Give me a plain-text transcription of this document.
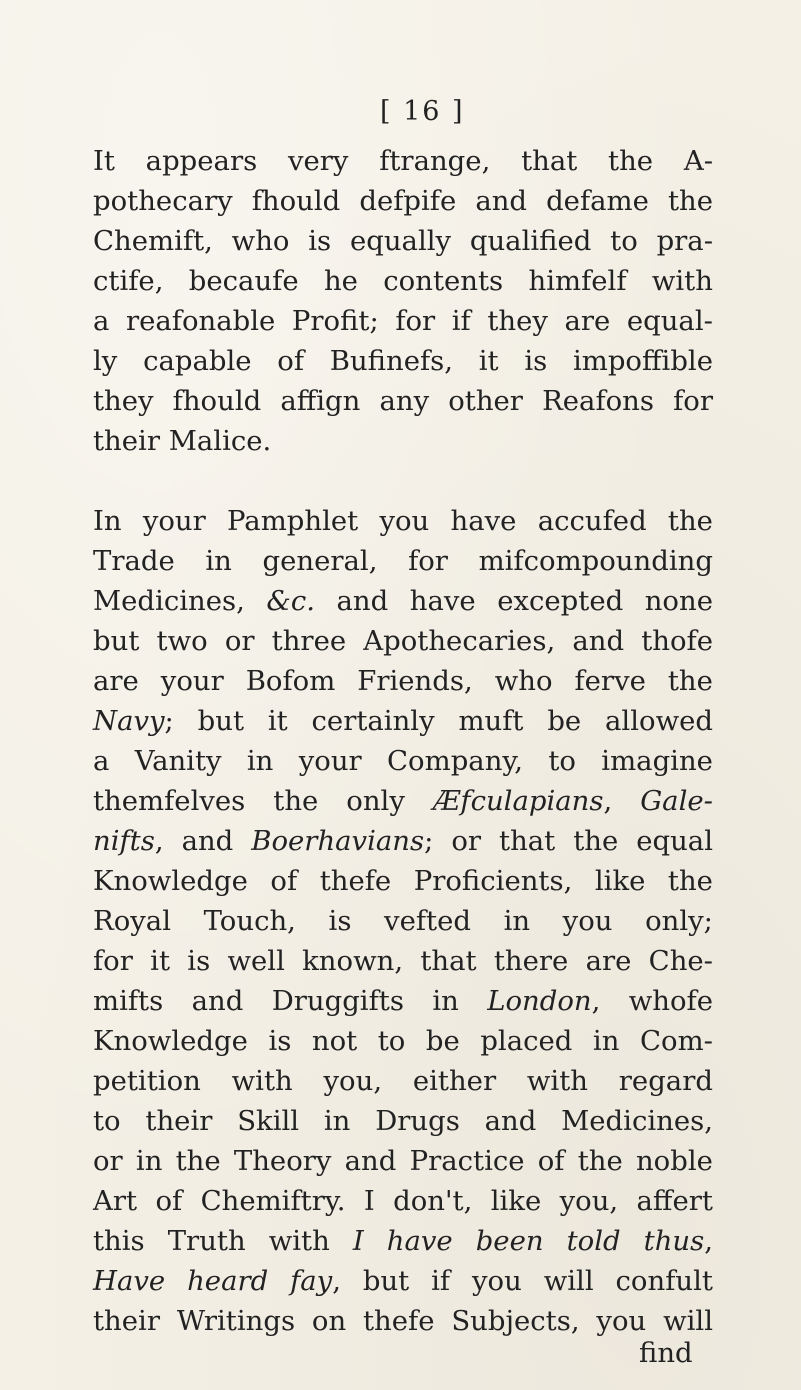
[ 16 ]
It appears very ftrange, that the A-
pothecary fhould defpife and defame the
Chemift, who is equally qualified to pra-
ctife, becaufe he contents himfelf with
a reafonable Profit; for if they are equal-
ly capable of Bufinefs, it is impoffible
they fhould affign any other Reafons for
their Malice.
In your Pamphlet you have accufed the
Trade in general, for mifcompounding
Medicines, &c. and have excepted none
but two or three Apothecaries, and thofe
are your Bofom Friends, who ferve the
Navy; but it certainly muft be allowed
a Vanity in your Company, to imagine
themfelves the only Æfculapians, Gale-
nifts, and Boerhavians; or that the equal
Knowledge of thefe Proficients, like the
Royal Touch, is vefted in you only;
for it is well known, that there are Che-
mifts and Druggifts in London, whofe
Knowledge is not to be placed in Com-
petition with you, either with regard
to their Skill in Drugs and Medicines,
or in the Theory and Practice of the noble
Art of Chemiftry. I don't, like you, affert
this Truth with I have been told thus,
Have heard fay, but if you will confult
their Writings on thefe Subjects, you will
find
